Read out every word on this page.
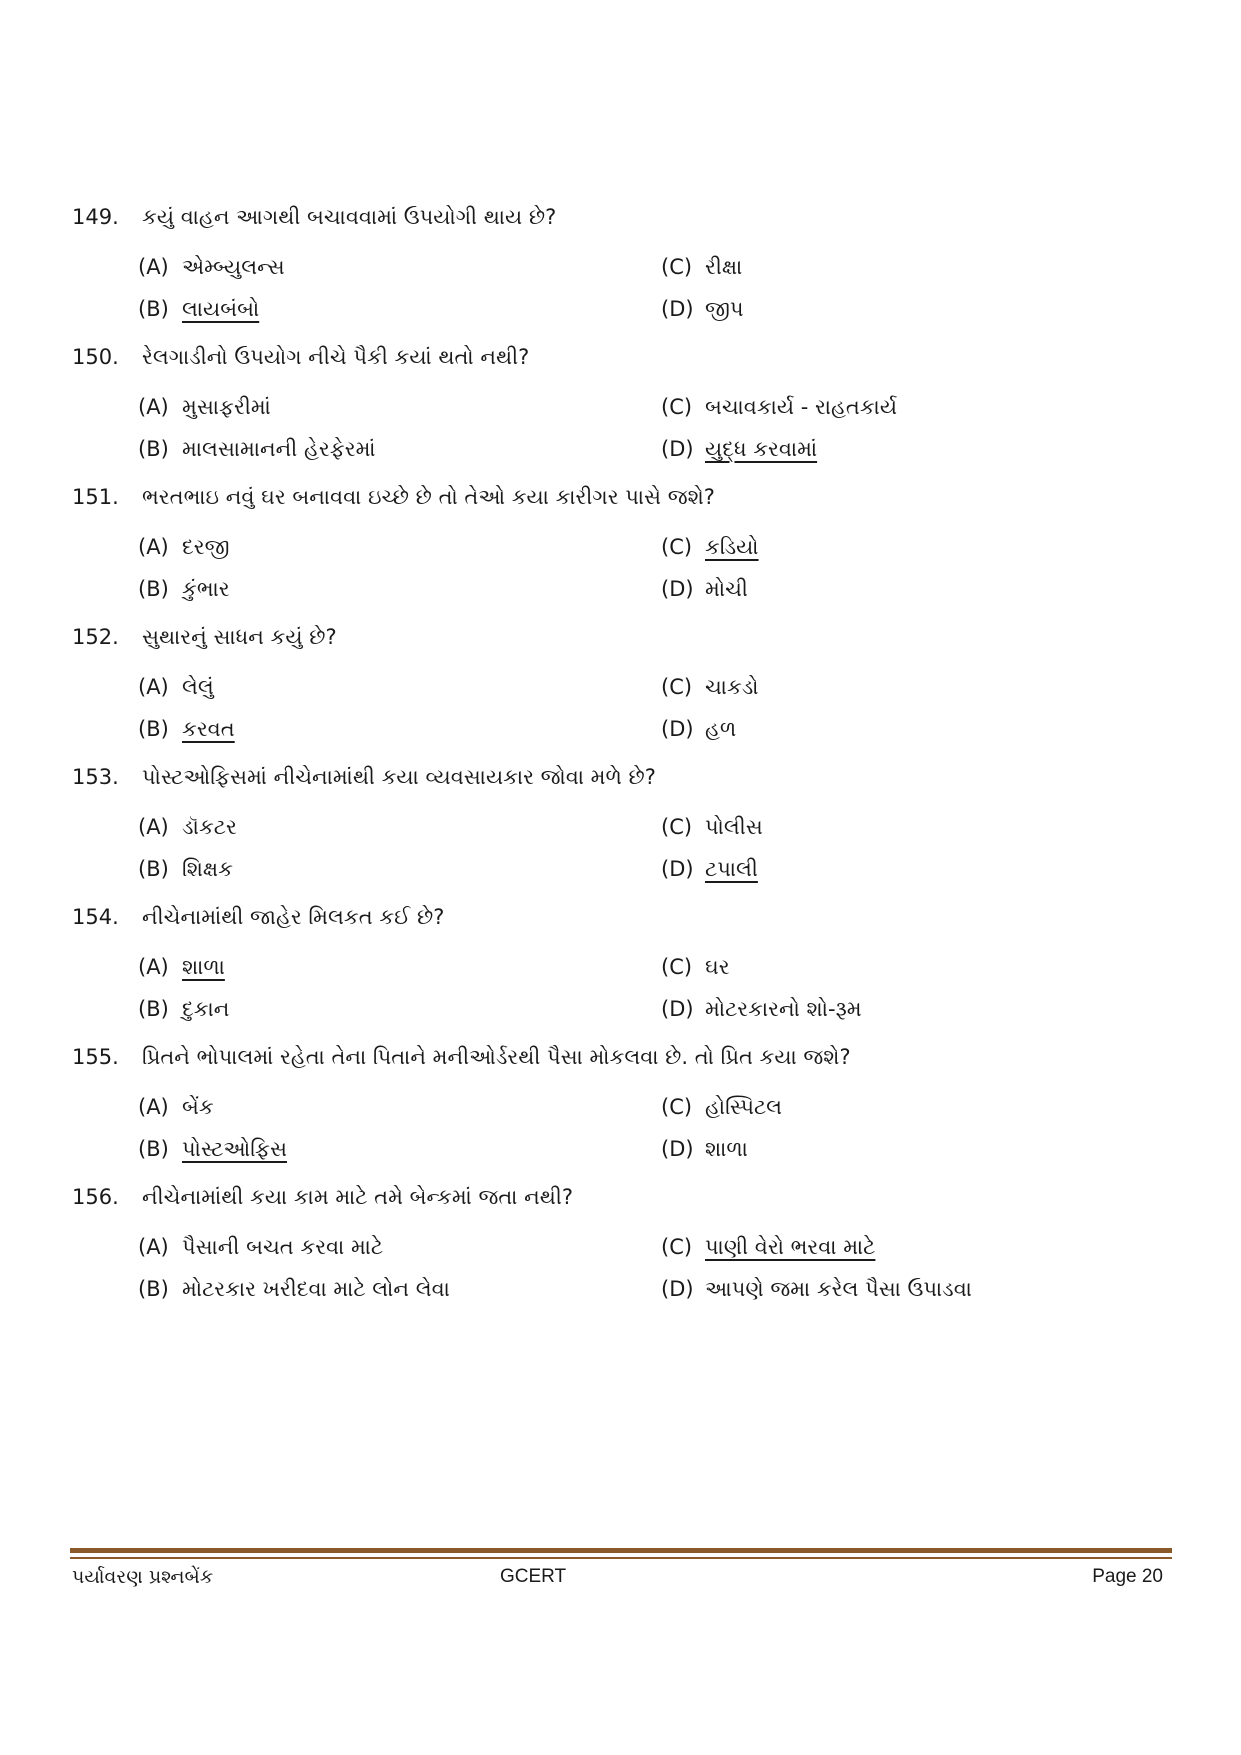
149. કયું વાહન આગથી બચાવવામાં ઉપયોગી થાય છે?
(A) એમ્બ્યુલન્સ
(B) લાયબંબો
(C) રીક્ષા
(D) જીપ
150. રેલગાડીનો ઉપયોગ નીચે પૈકી કયાં થતો નથી?
(A) મુસાફરીમાં
(B) માલસામાનની હેરફેરમાં
(C) બચાવકાર્ય - રાહતકાર્ય
(D) યુદ્ધ કરવામાં
151. ભરતભાઇ નવું ઘર બનાવવા ઇચ્છે છે તો તેઓ કયા કારીગર પાસે જશે?
(A) દરજી
(B) કુંભાર
(C) કડિયો
(D) મોચી
152. સુથારનું સાધન કયું છે?
(A) લેલું
(B) કરવત
(C) ચાકડો
(D) હળ
153. પોસ્ટઓફિસમાં નીચેનામાંથી કયા વ્યવસાયકાર જોવા મળે છે?
(A) ડૉકટર
(B) શિક્ષક
(C) પોલીસ
(D) ટપાલી
154. નીચેનામાંથી જાહેર મિલકત કઈ છે?
(A) શાળા
(B) દુકાન
(C) ઘર
(D) મોટરકારનો શો-રૂમ
155. પ્રિતને ભોપાલમાં રહેતા તેના પિતાને મનીઓર્ડરથી પૈસા મોકલવા છે. તો પ્રિત કયા જશે?
(A) બેંક
(B) પોસ્ટઓફિસ
(C) હોસ્પિટલ
(D) શાળા
156. નીચેનામાંથી કયા કામ માટે તમે બેન્કમાં જતા નથી?
(A) પૈસાની બચત કરવા માટે
(B) મોટરકાર ખરીદવા માટે લોન લેવા
(C) પાણી વેરો ભરવા માટે
(D) આપણે જમા કરેલ પૈસા ઉપાડવા
પર્યાવરણ પ્રશ્નબેંક	GCERT	Page 20
